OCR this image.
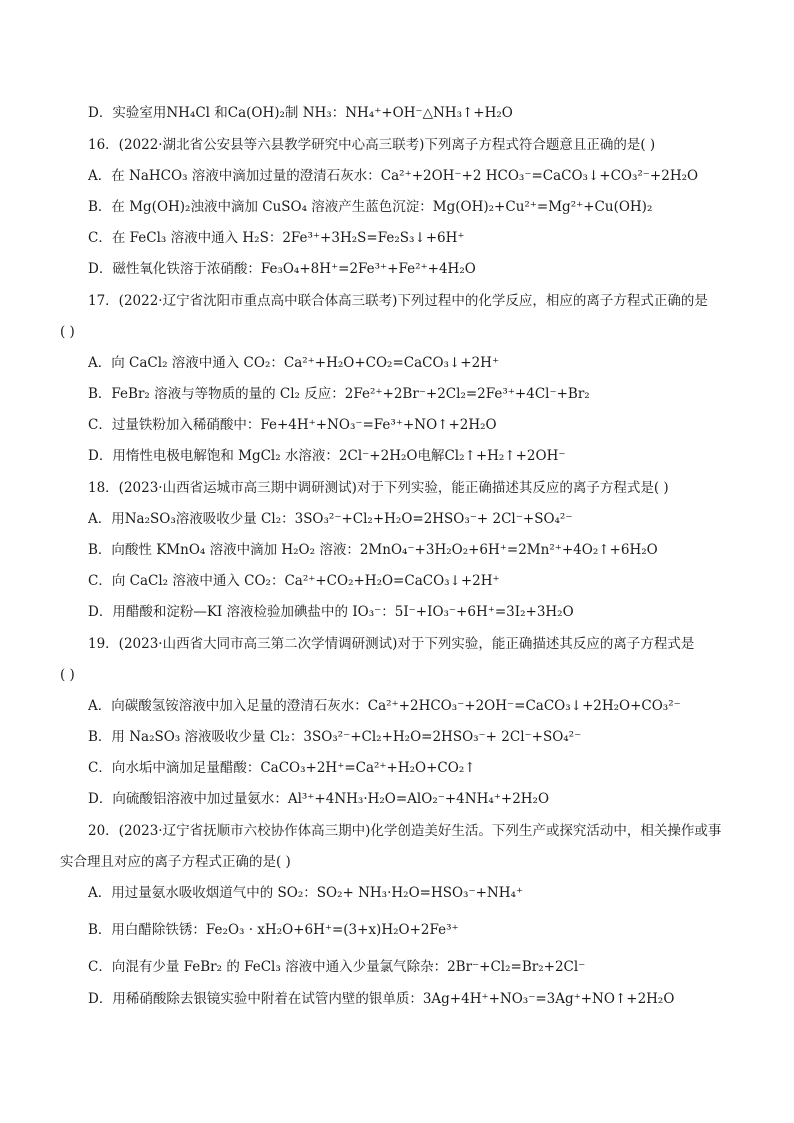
D．实验室用NH₄Cl 和Ca(OH)₂制 NH₃：NH₄⁺+OH⁻△NH₃↑+H₂O
16．(2022·湖北省公安县等六县教学研究中心高三联考)下列离子方程式符合题意且正确的是( )
A．在 NaHCO₃ 溶液中滴加过量的澄清石灰水：Ca²⁺+2OH⁻+2 HCO₃⁻=CaCO₃↓+CO₃²⁻+2H₂O
B．在 Mg(OH)₂浊液中滴加 CuSO₄ 溶液产生蓝色沉淀：Mg(OH)₂+Cu²⁺=Mg²⁺+Cu(OH)₂
C．在 FeCl₃ 溶液中通入 H₂S：2Fe³⁺+3H₂S=Fe₂S₃↓+6H⁺
D．磁性氧化铁溶于浓硝酸：Fe₃O₄+8H⁺=2Fe³⁺+Fe²⁺+4H₂O
17．(2022·辽宁省沈阳市重点高中联合体高三联考)下列过程中的化学反应，相应的离子方程式正确的是
( )
A．向 CaCl₂ 溶液中通入 CO₂：Ca²⁺+H₂O+CO₂=CaCO₃↓+2H⁺
B．FeBr₂ 溶液与等物质的量的 Cl₂ 反应：2Fe²⁺+2Br⁻+2Cl₂=2Fe³⁺+4Cl⁻+Br₂
C．过量铁粉加入稀硝酸中：Fe+4H⁺+NO₃⁻=Fe³⁺+NO↑+2H₂O
D．用惰性电极电解饱和 MgCl₂ 水溶液：2Cl⁻+2H₂O电解Cl₂↑+H₂↑+2OH⁻
18．(2023·山西省运城市高三期中调研测试)对于下列实验，能正确描述其反应的离子方程式是( )
A．用Na₂SO₃溶液吸收少量 Cl₂：3SO₃²⁻+Cl₂+H₂O=2HSO₃⁻+ 2Cl⁻+SO₄²⁻
B．向酸性 KMnO₄ 溶液中滴加 H₂O₂ 溶液：2MnO₄⁻+3H₂O₂+6H⁺=2Mn²⁺+4O₂↑+6H₂O
C．向 CaCl₂ 溶液中通入 CO₂：Ca²⁺+CO₂+H₂O=CaCO₃↓+2H⁺
D．用醋酸和淀粉—KI 溶液检验加碘盐中的 IO₃⁻：5I⁻+IO₃⁻+6H⁺=3I₂+3H₂O
19．(2023·山西省大同市高三第二次学情调研测试)对于下列实验，能正确描述其反应的离子方程式是
( )
A．向碳酸氢铵溶液中加入足量的澄清石灰水：Ca²⁺+2HCO₃⁻+2OH⁻=CaCO₃↓+2H₂O+CO₃²⁻
B．用 Na₂SO₃ 溶液吸收少量 Cl₂：3SO₃²⁻+Cl₂+H₂O=2HSO₃⁻+ 2Cl⁻+SO₄²⁻
C．向水垢中滴加足量醋酸：CaCO₃+2H⁺=Ca²⁺+H₂O+CO₂↑
D．向硫酸铝溶液中加过量氨水：Al³⁺+4NH₃·H₂O=AlO₂⁻+4NH₄⁺+2H₂O
20．(2023·辽宁省抚顺市六校协作体高三期中)化学创造美好生活。下列生产或探究活动中，相关操作或事
实合理且对应的离子方程式正确的是( )
A．用过量氨水吸收烟道气中的 SO₂：SO₂+ NH₃·H₂O=HSO₃⁻+NH₄⁺
B．用白醋除铁锈：Fe₂O₃ · xH₂O+6H⁺=(3+x)H₂O+2Fe³⁺
C．向混有少量 FeBr₂ 的 FeCl₃ 溶液中通入少量氯气除杂：2Br⁻+Cl₂=Br₂+2Cl⁻
D．用稀硝酸除去银镜实验中附着在试管内壁的银单质：3Ag+4H⁺+NO₃⁻=3Ag⁺+NO↑+2H₂O
